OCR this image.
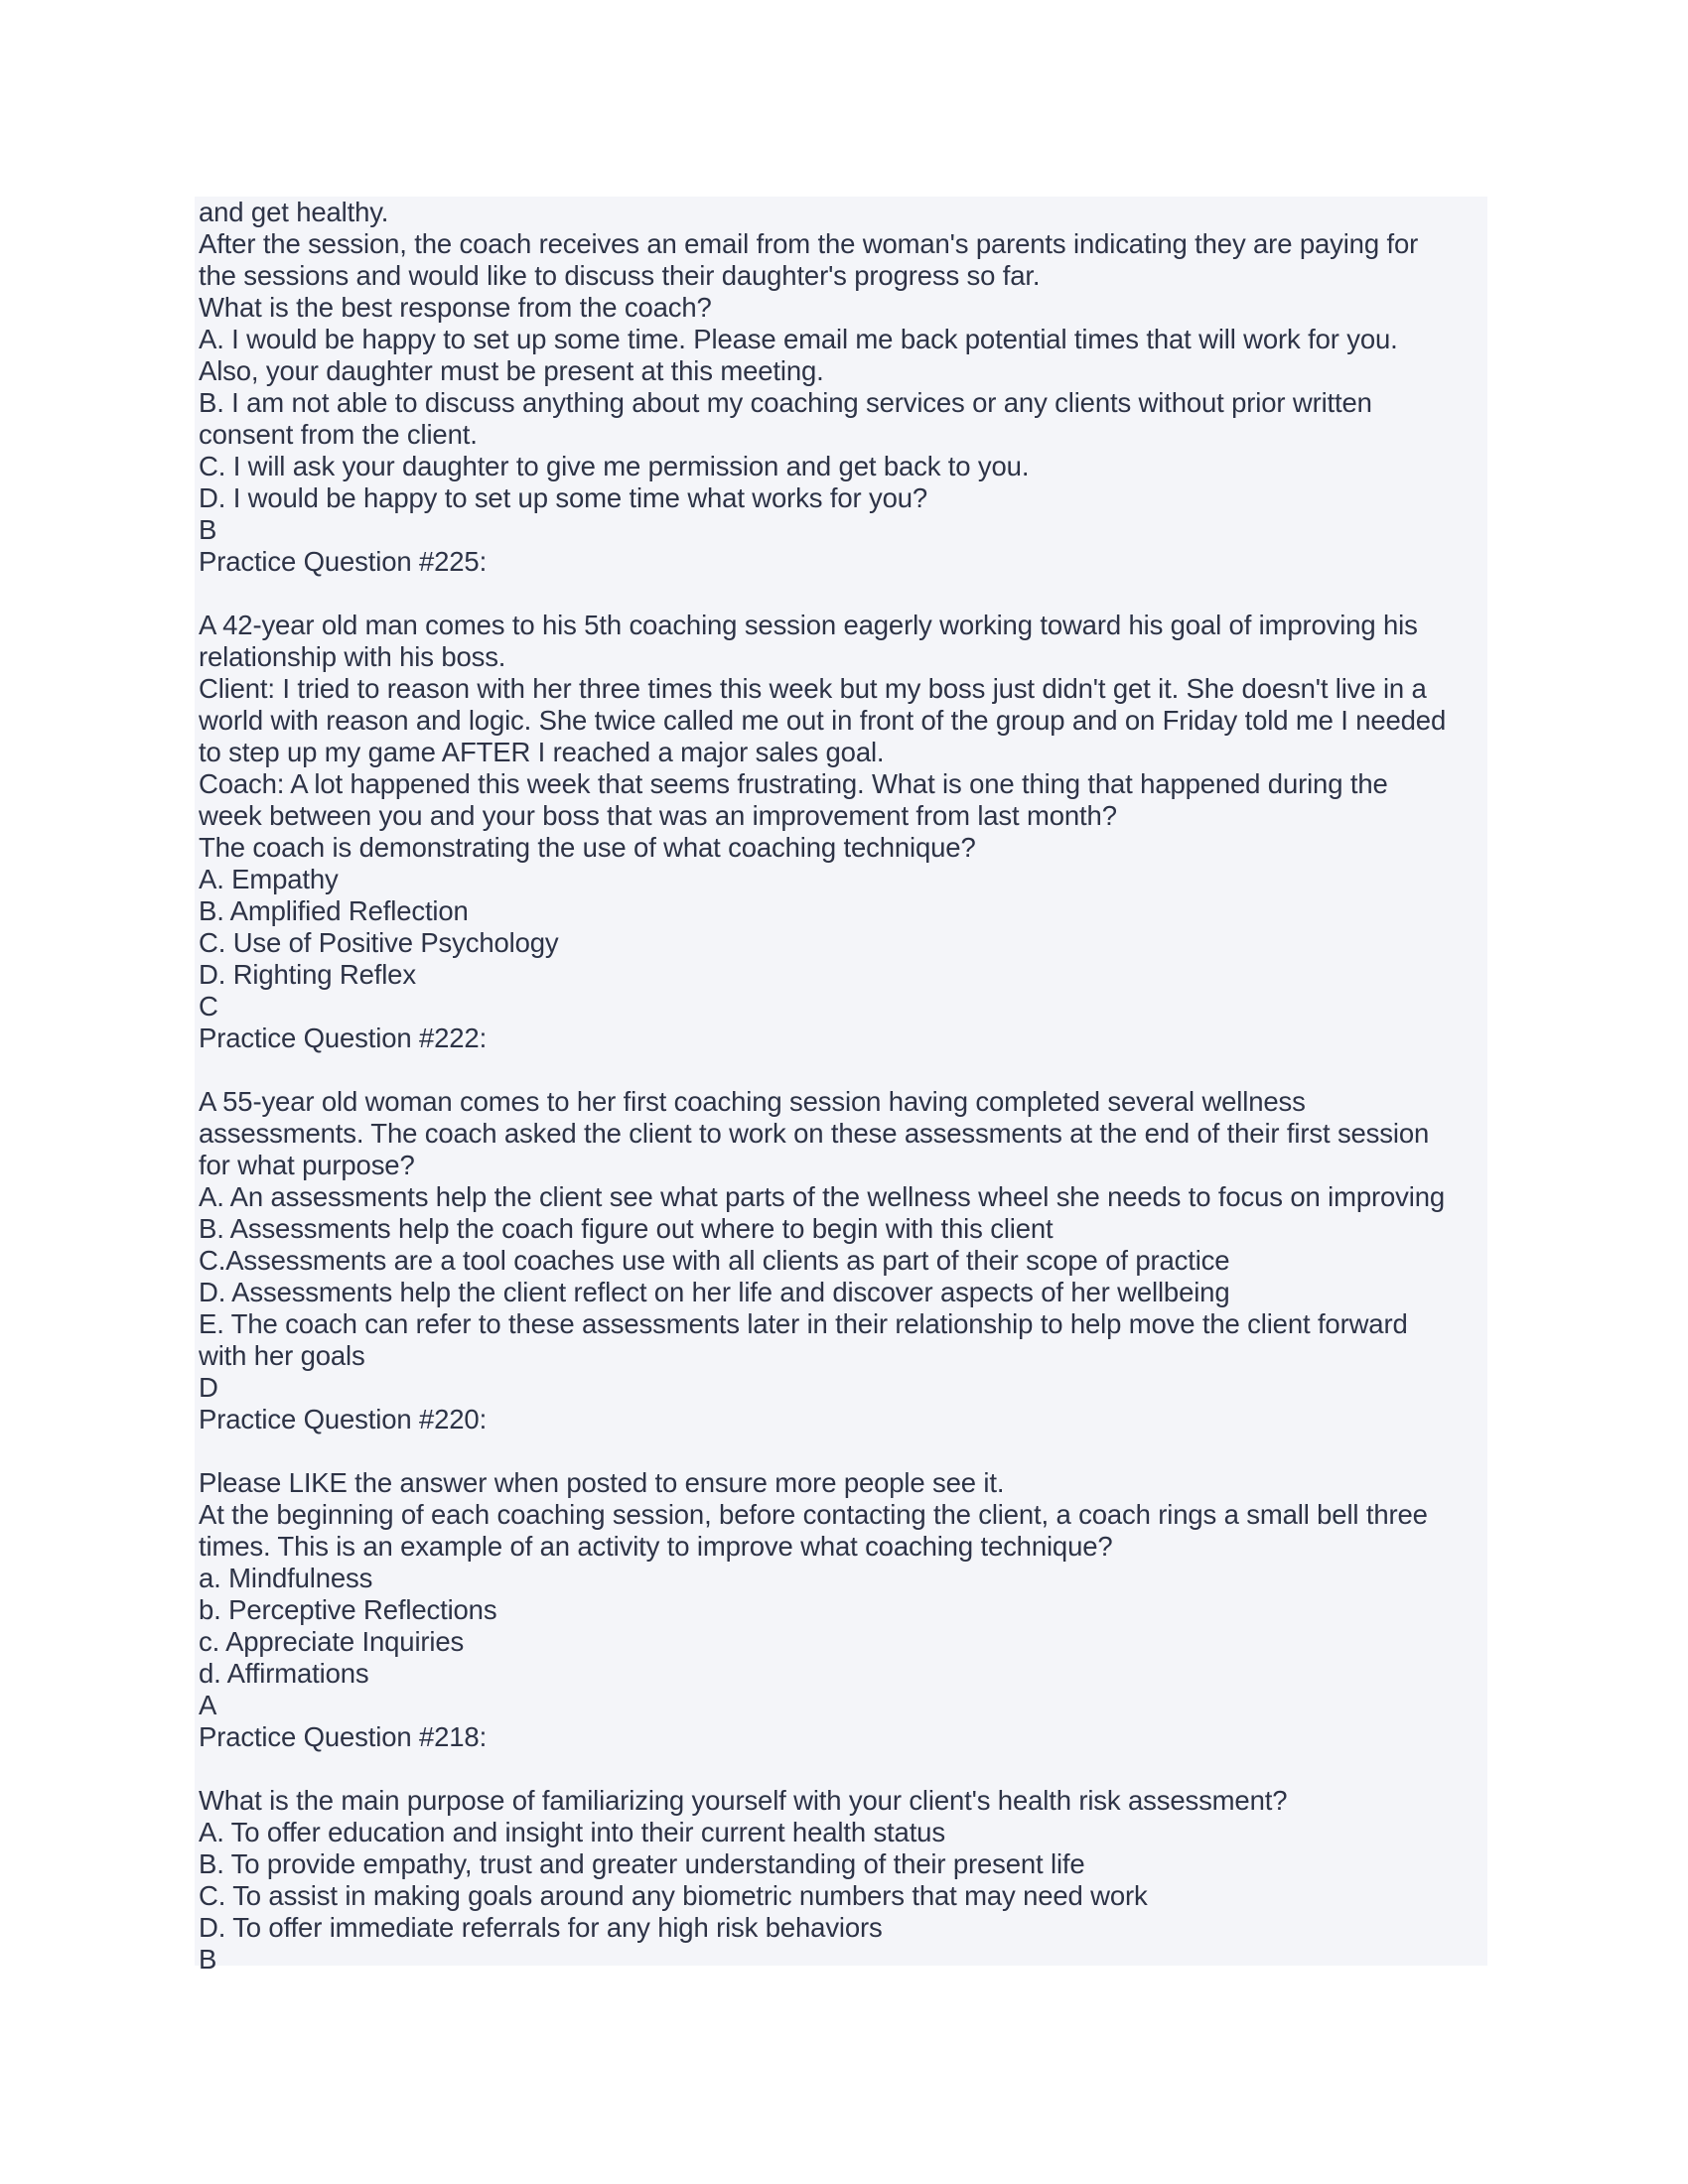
and get healthy.
After the session, the coach receives an email from the woman's parents indicating they are paying for
the sessions and would like to discuss their daughter's progress so far.
What is the best response from the coach?
A. I would be happy to set up some time. Please email me back potential times that will work for you.
Also, your daughter must be present at this meeting.
B. I am not able to discuss anything about my coaching services or any clients without prior written
consent from the client.
C. I will ask your daughter to give me permission and get back to you.
D. I would be happy to set up some time what works for you?
B
Practice Question #225:
A 42-year old man comes to his 5th coaching session eagerly working toward his goal of improving his
relationship with his boss.
Client: I tried to reason with her three times this week but my boss just didn't get it. She doesn't live in a
world with reason and logic. She twice called me out in front of the group and on Friday told me I needed
to step up my game AFTER I reached a major sales goal.
Coach: A lot happened this week that seems frustrating. What is one thing that happened during the
week between you and your boss that was an improvement from last month?
The coach is demonstrating the use of what coaching technique?
A. Empathy
B. Amplified Reflection
C. Use of Positive Psychology
D. Righting Reflex
C
Practice Question #222:
A 55-year old woman comes to her first coaching session having completed several wellness
assessments. The coach asked the client to work on these assessments at the end of their first session
for what purpose?
A. An assessments help the client see what parts of the wellness wheel she needs to focus on improving
B. Assessments help the coach figure out where to begin with this client
C.Assessments are a tool coaches use with all clients as part of their scope of practice
D. Assessments help the client reflect on her life and discover aspects of her wellbeing
E. The coach can refer to these assessments later in their relationship to help move the client forward
with her goals
D
Practice Question #220:
Please LIKE the answer when posted to ensure more people see it.
At the beginning of each coaching session, before contacting the client, a coach rings a small bell three
times. This is an example of an activity to improve what coaching technique?
a. Mindfulness
b. Perceptive Reflections
c. Appreciate Inquiries
d. Affirmations
A
Practice Question #218:
What is the main purpose of familiarizing yourself with your client's health risk assessment?
A. To offer education and insight into their current health status
B. To provide empathy, trust and greater understanding of their present life
C. To assist in making goals around any biometric numbers that may need work
D. To offer immediate referrals for any high risk behaviors
B
